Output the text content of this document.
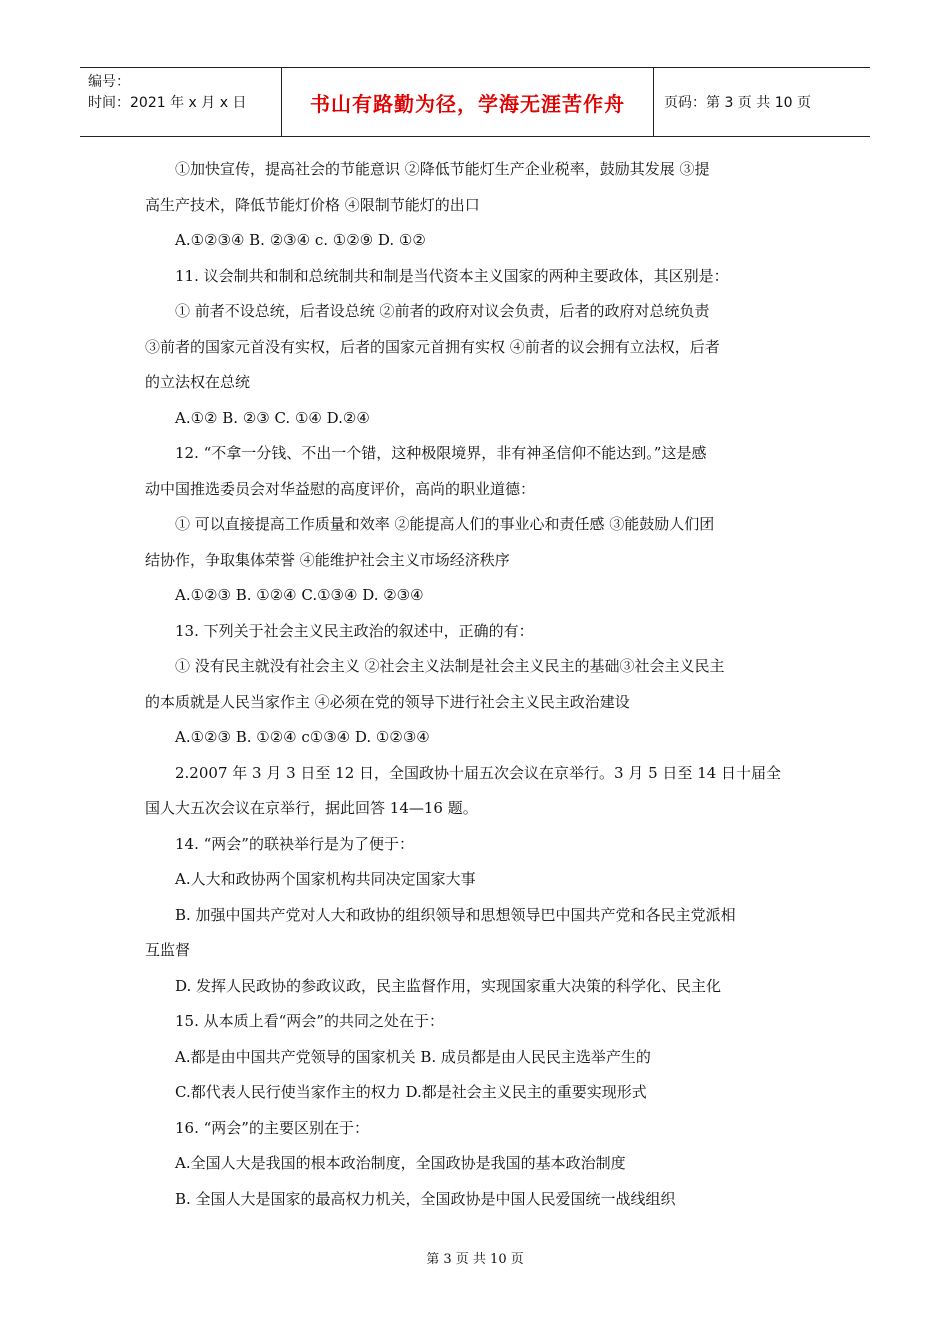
编号：
时间：2021 年 x 月 x 日	书山有路勤为径，学海无涯苦作舟	页码：第 3 页 共 10 页
①加快宣传，提高社会的节能意识 ②降低节能灯生产企业税率，鼓励其发展 ③提
高生产技术，降低节能灯价格 ④限制节能灯的出口
A.①②③④ B. ②③④ c. ①②⑨ D. ①②
11. 议会制共和制和总统制共和制是当代资本主义国家的两种主要政体，其区别是：
① 前者不设总统，后者设总统 ②前者的政府对议会负责，后者的政府对总统负责
③前者的国家元首没有实权，后者的国家元首拥有实权 ④前者的议会拥有立法权，后者
的立法权在总统
A.①② B. ②③ C. ①④ D.②④
12. “不拿一分钱、不出一个错，这种极限境界，非有神圣信仰不能达到。”这是感
动中国推选委员会对华益慰的高度评价，高尚的职业道德：
① 可以直接提高工作质量和效率 ②能提高人们的事业心和责任感 ③能鼓励人们团
结协作，争取集体荣誉 ④能维护社会主义市场经济秩序
A.①②③ B. ①②④ C.①③④ D. ②③④
13. 下列关于社会主义民主政治的叙述中，正确的有：
① 没有民主就没有社会主义 ②社会主义法制是社会主义民主的基础③社会主义民主
的本质就是人民当家作主 ④必须在党的领导下进行社会主义民主政治建设
A.①②③ B. ①②④ c①③④ D. ①②③④
2.2007 年 3 月 3 日至 12 日，全国政协十届五次会议在京举行。3 月 5 日至 14 日十届全
国人大五次会议在京举行，据此回答 14—16 题。
14. “两会”的联袂举行是为了便于：
A.人大和政协两个国家机构共同决定国家大事
B. 加强中国共产党对人大和政协的组织领导和思想领导巴中国共产党和各民主党派相
互监督
D. 发挥人民政协的参政议政，民主监督作用，实现国家重大决策的科学化、民主化
15. 从本质上看“两会”的共同之处在于：
A.都是由中国共产党领导的国家机关 B. 成员都是由人民民主选举产生的
C.都代表人民行使当家作主的权力 D.都是社会主义民主的重要实现形式
16. “两会”的主要区别在于：
A.全国人大是我国的根本政治制度，全国政协是我国的基本政治制度
B. 全国人大是国家的最高权力机关，全国政协是中国人民爱国统一战线组织
第 3 页 共 10 页
